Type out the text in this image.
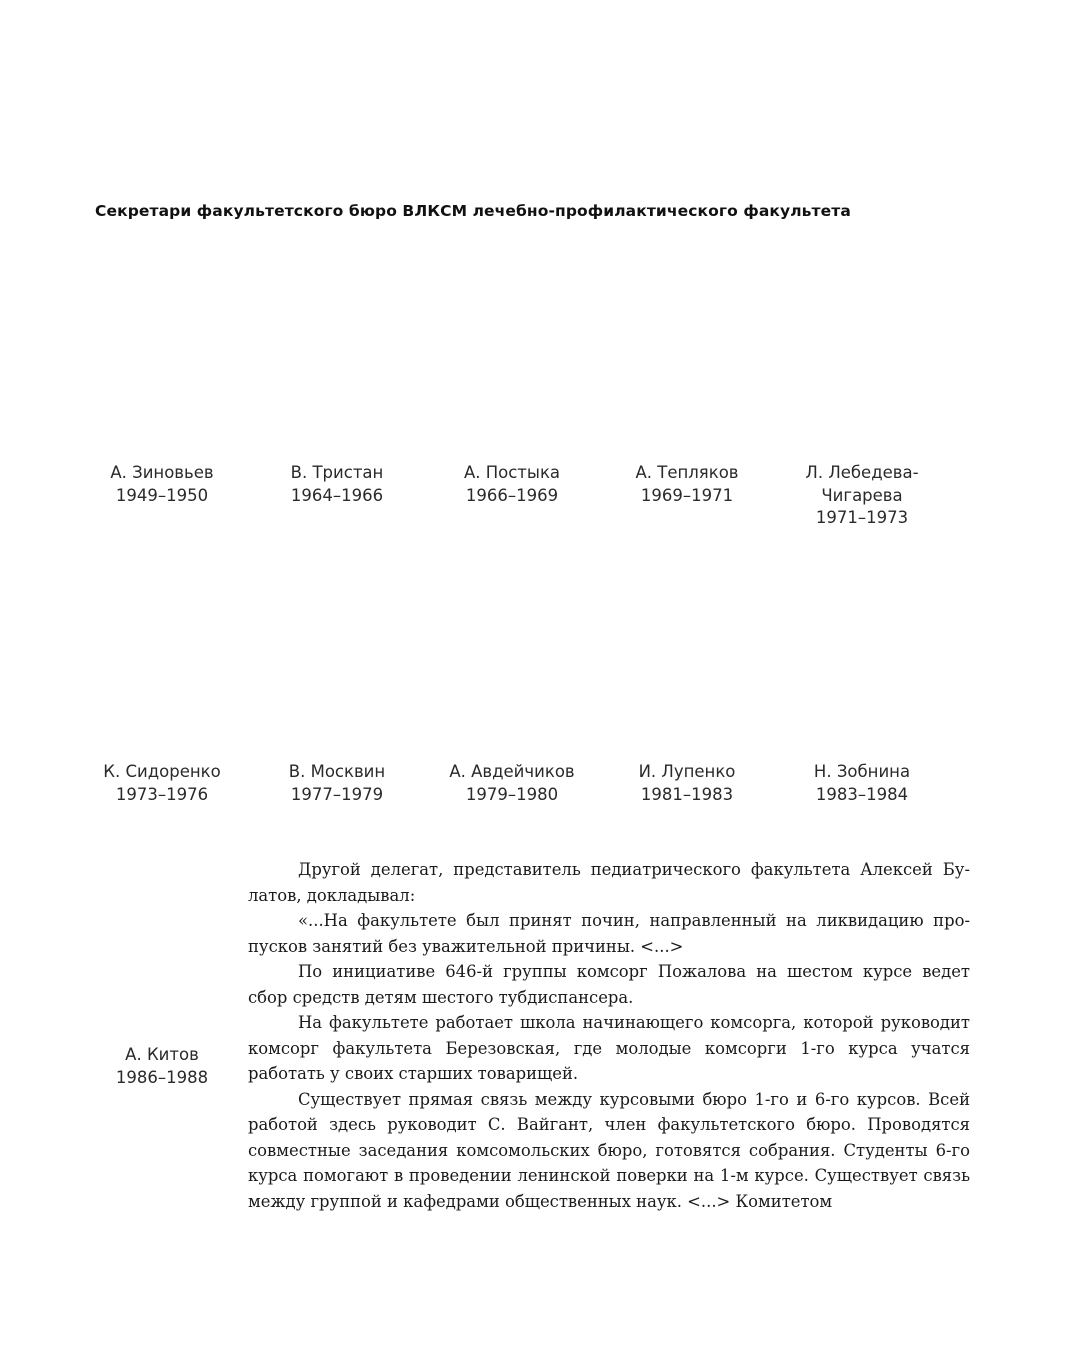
Секретари факультетского бюро ВЛКСМ лечебно-профилактического факультета
А. Зиновьев
1949–1950
В. Тристан
1964–1966
А. Постыка
1966–1969
А. Тепляков
1969–1971
Л. Лебедева-
Чигарева
1971–1973
К. Сидоренко
1973–1976
В. Москвин
1977–1979
А. Авдейчиков
1979–1980
И. Лупенко
1981–1983
Н. Зобнина
1983–1984
А. Китов
1986–1988

Другой делегат, представитель педиатрического факультета Алексей Булатов, докладывал:

«...На факультете был принят почин, направленный на ликвидацию пропусков занятий без уважительной причины. <...>

По инициативе 646-й группы комсорг Пожалова на шестом курсе ведет сбор средств детям шестого тубдиспансера.

На факультете работает школа начинающего комсорга, которой руководит комсорг факультета Березовская, где молодые комсорги 1-го курса учатся работать у своих старших товарищей.

Существует прямая связь между курсовыми бюро 1-го и 6-го курсов. Всей работой здесь руководит С. Вайгант, член факультетского бюро. Проводятся совместные заседания комсомольских бюро, готовятся собрания. Студенты 6-го курса помогают в проведении ленинской поверки на 1-м курсе. Существует связь между группой и кафедрами общественных наук. <...> Комитетом
